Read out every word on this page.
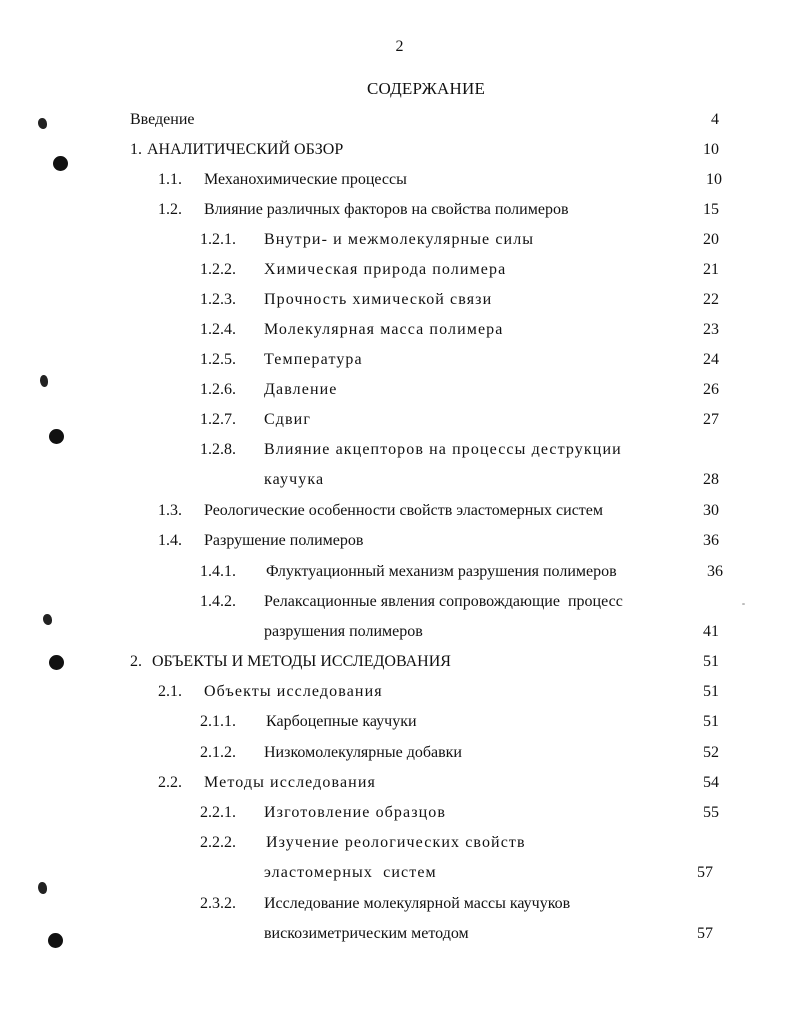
2
СОДЕРЖАНИЕ
Введение	4
1. АНАЛИТИЧЕСКИЙ ОБЗОР	10
1.1. Механохимические процессы	10
1.2. Влияние различных факторов на свойства полимеров	15
1.2.1. Внутри- и межмолекулярные силы	20
1.2.2. Химическая природа полимера	21
1.2.3. Прочность химической связи	22
1.2.4. Молекулярная масса полимера	23
1.2.5. Температура	24
1.2.6. Давление	26
1.2.7. Сдвиг	27
1.2.8. Влияние акцепторов на процессы деструкции
каучука	28
1.3. Реологические особенности свойств эластомерных систем	30
1.4. Разрушение полимеров	36
1.4.1. Флуктуационный механизм разрушения полимеров	36
1.4.2. Релаксационные явления сопровождающие  процесс
разрушения полимеров	41
2. ОБЪЕКТЫ И МЕТОДЫ ИССЛЕДОВАНИЯ	51
2.1. Объекты исследования	51
2.1.1. Карбоцепные каучуки	51
2.1.2. Низкомолекулярные добавки	52
2.2. Методы исследования	54
2.2.1. Изготовление образцов	55
2.2.2. Изучение реологических свойств
эластомерных  систем	57
2.3.2. Исследование молекулярной массы каучуков
вискозиметрическим методом	57
